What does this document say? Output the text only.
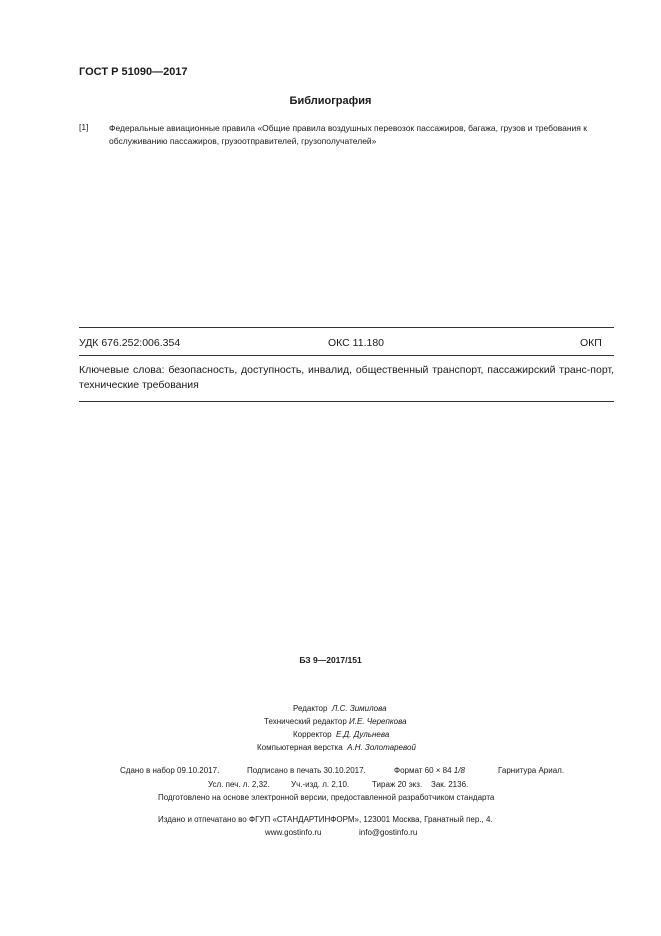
ГОСТ Р 51090—2017
Библиография
[1] Федеральные авиационные правила «Общие правила воздушных перевозок пассажиров, багажа, грузов и требования к обслуживанию пассажиров, грузоотправителей, грузополучателей»
УДК 676.252:006.354	ОКС 11.180	ОКП
Ключевые слова: безопасность, доступность, инвалид, общественный транспорт, пассажирский транс-порт, технические требования
БЗ 9—2017/151
Редактор Л.С. Зимилова
Технический редактор И.Е. Черепкова
Корректор Е.Д. Дульнева
Компьютерная верстка А.Н. Золотаревой
Сдано в набор 09.10.2017.	Подписано в печать 30.10.2017.	Формат 60 × 84 1/8	Гарнитура Ариал.
Усл. печ. л. 2,32.	Уч.-изд. л. 2,10.	Тираж 20 экз. Зак. 2136.
Подготовлено на основе электронной версии, предоставленной разработчиком стандарта
Издано и отпечатано во ФГУП «СТАНДАРТИНФОРМ», 123001 Москва, Гранатный пер., 4.
www.gostinfo.ru	info@gostinfo.ru
